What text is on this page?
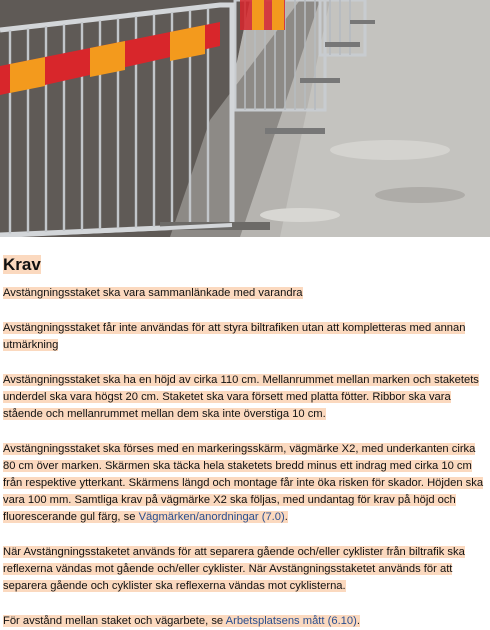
Krav

Avstängningsstaket ska vara sammanlänkade med varandra

Avstängningsstaket får inte användas för att styra biltrafiken utan att kompletteras med annan utmärkning

Avstängningsstaket ska ha en höjd av cirka 110 cm. Mellanrummet mellan marken och staketets underdel ska vara högst 20 cm. Staketet ska vara försett med platta fötter. Ribbor ska vara stående och mellanrummet mellan dem ska inte överstiga 10 cm.

Avstängningsstaket ska förses med en markeringsskärm, vägmärke X2, med underkanten cirka 80 cm över marken. Skärmen ska täcka hela staketets bredd minus ett indrag med cirka 10 cm från respektive ytterkant. Skärmens längd och montage får inte öka risken för skador. Höjden ska vara 100 mm. Samtliga krav på vägmärke X2 ska följas, med undantag för krav på höjd och fluorescerande gul färg, se Vägmärken/anordningar (7.0).

När Avstängningsstaketet används för att separera gående och/eller cyklister från biltrafik ska reflexerna vändas mot gående och/eller cyklister. När Avstängningsstaketet används för att separera gående och cyklister ska reflexerna vändas mot cyklisterna.

För avstånd mellan staket och vägarbete, se Arbetsplatsens mått (6.10).
